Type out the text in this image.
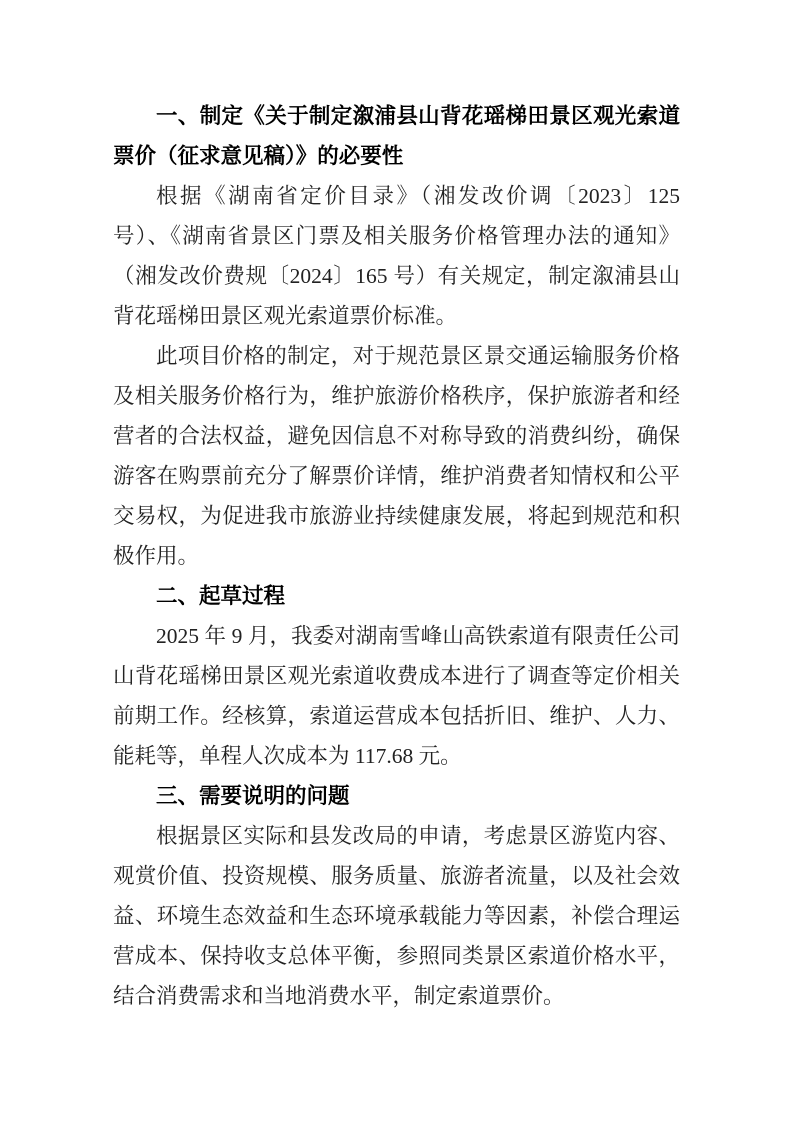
一、制定《关于制定溆浦县山背花瑶梯田景区观光索道票价（征求意见稿）》的必要性

根据《湖南省定价目录》（湘发改价调〔2023〕125 号）、《湖南省景区门票及相关服务价格管理办法的通知》（湘发改价费规〔2024〕165 号）有关规定，制定溆浦县山背花瑶梯田景区观光索道票价标准。

此项目价格的制定，对于规范景区景交通运输服务价格及相关服务价格行为，维护旅游价格秩序，保护旅游者和经营者的合法权益，避免因信息不对称导致的消费纠纷，确保游客在购票前充分了解票价详情，维护消费者知情权和公平交易权，为促进我市旅游业持续健康发展，将起到规范和积极作用。

二、起草过程

2025 年 9 月，我委对湖南雪峰山高铁索道有限责任公司山背花瑶梯田景区观光索道收费成本进行了调查等定价相关前期工作。经核算，索道运营成本包括折旧、维护、人力、能耗等，单程人次成本为 117.68 元。

三、需要说明的问题

根据景区实际和县发改局的申请，考虑景区游览内容、观赏价值、投资规模、服务质量、旅游者流量，以及社会效益、环境生态效益和生态环境承载能力等因素，补偿合理运营成本、保持收支总体平衡，参照同类景区索道价格水平，结合消费需求和当地消费水平，制定索道票价。
